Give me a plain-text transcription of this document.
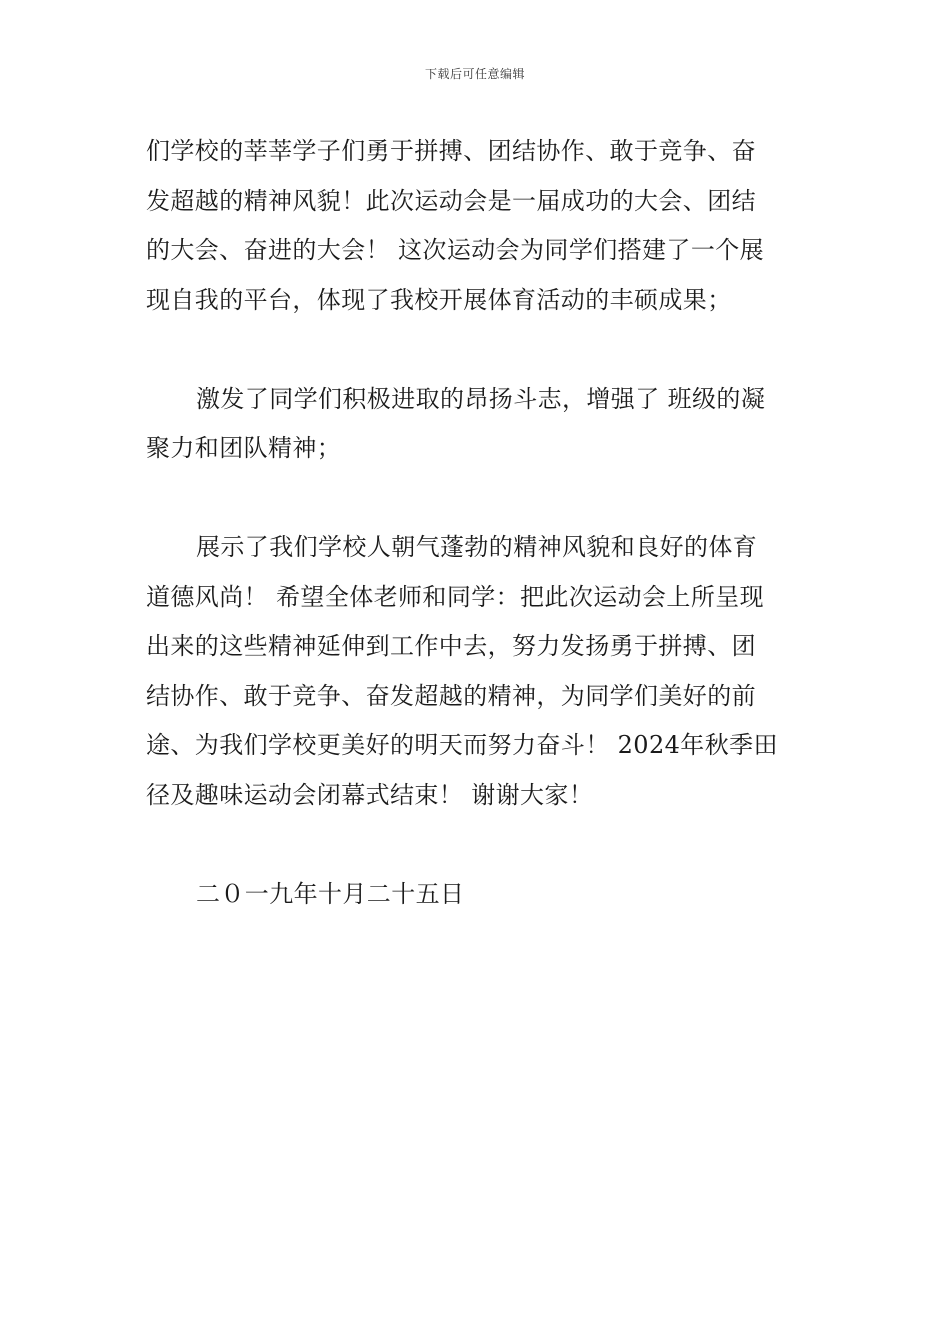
下载后可任意编辑

们学校的莘莘学子们勇于拼搏、团结协作、敢于竞争、奋
发超越的精神风貌！此次运动会是一届成功的大会、团结
的大会、奋进的大会！ 这次运动会为同学们搭建了一个展
现自我的平台，体现了我校开展体育活动的丰硕成果；

激发了同学们积极进取的昂扬斗志，增强了 班级的凝
聚力和团队精神；

展示了我们学校人朝气蓬勃的精神风貌和良好的体育
道德风尚！ 希望全体老师和同学：把此次运动会上所呈现
出来的这些精神延伸到工作中去，努力发扬勇于拼搏、团
结协作、敢于竞争、奋发超越的精神，为同学们美好的前
途、为我们学校更美好的明天而努力奋斗！ 2024年秋季田
径及趣味运动会闭幕式结束！ 谢谢大家！

二０一九年十月二十五日
